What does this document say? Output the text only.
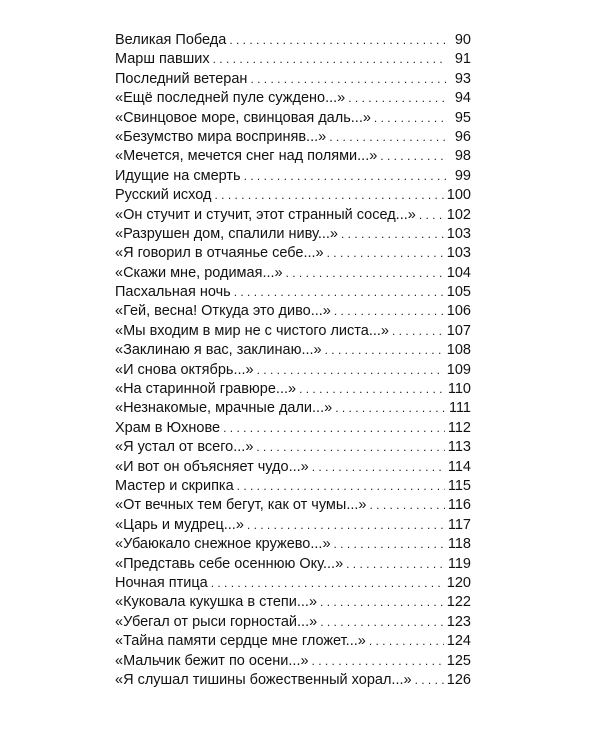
Великая Победа . . .	90
Марш павших . . .	91
Последний ветеран . . .	93
«Ещё последней пуле суждено...» . . .	94
«Свинцовое море, свинцовая даль...» . . .	95
«Безумство мира восприняв...» . . .	96
«Мечется, мечется снег над полями...» . . .	98
Идущие на смерть . . .	99
Русский исход . . .	100
«Он стучит и стучит, этот странный сосед...» . . . 102
«Разрушен дом, спалили ниву...» . . .	103
«Я говорил в отчаянье себе...» . . .	103
«Скажи мне, родимая...» . . .	104
Пасхальная ночь . . .	105
«Гей, весна! Откуда это диво...» . . .	106
«Мы входим в мир не с чистого листа...» . . .	107
«Заклинаю я вас, заклинаю...» . . .	108
«И снова октябрь...» . . .	109
«На старинной гравюре...» . . .	110
«Незнакомые, мрачные дали...» . . .	111
Храм в Юхнове . . .	112
«Я устал от всего...» . . .	113
«И вот он объясняет чудо...» . . .	114
Мастер и скрипка . . .	115
«От вечных тем бегут, как от чумы...» . . .	116
«Царь и мудрец...» . . .	117
«Убаюкало снежное кружево...» . . .	118
«Представь себе осеннюю Оку...» . . .	119
Ночная птица . . .	120
«Куковала кукушка в степи...» . . .	122
«Убегал от рыси горностай...» . . .	123
«Тайна памяти сердце мне гложет...» . . .	124
«Мальчик бежит по осени...» . . .	125
«Я слушал тишины божественный хорал...» . . . 126
